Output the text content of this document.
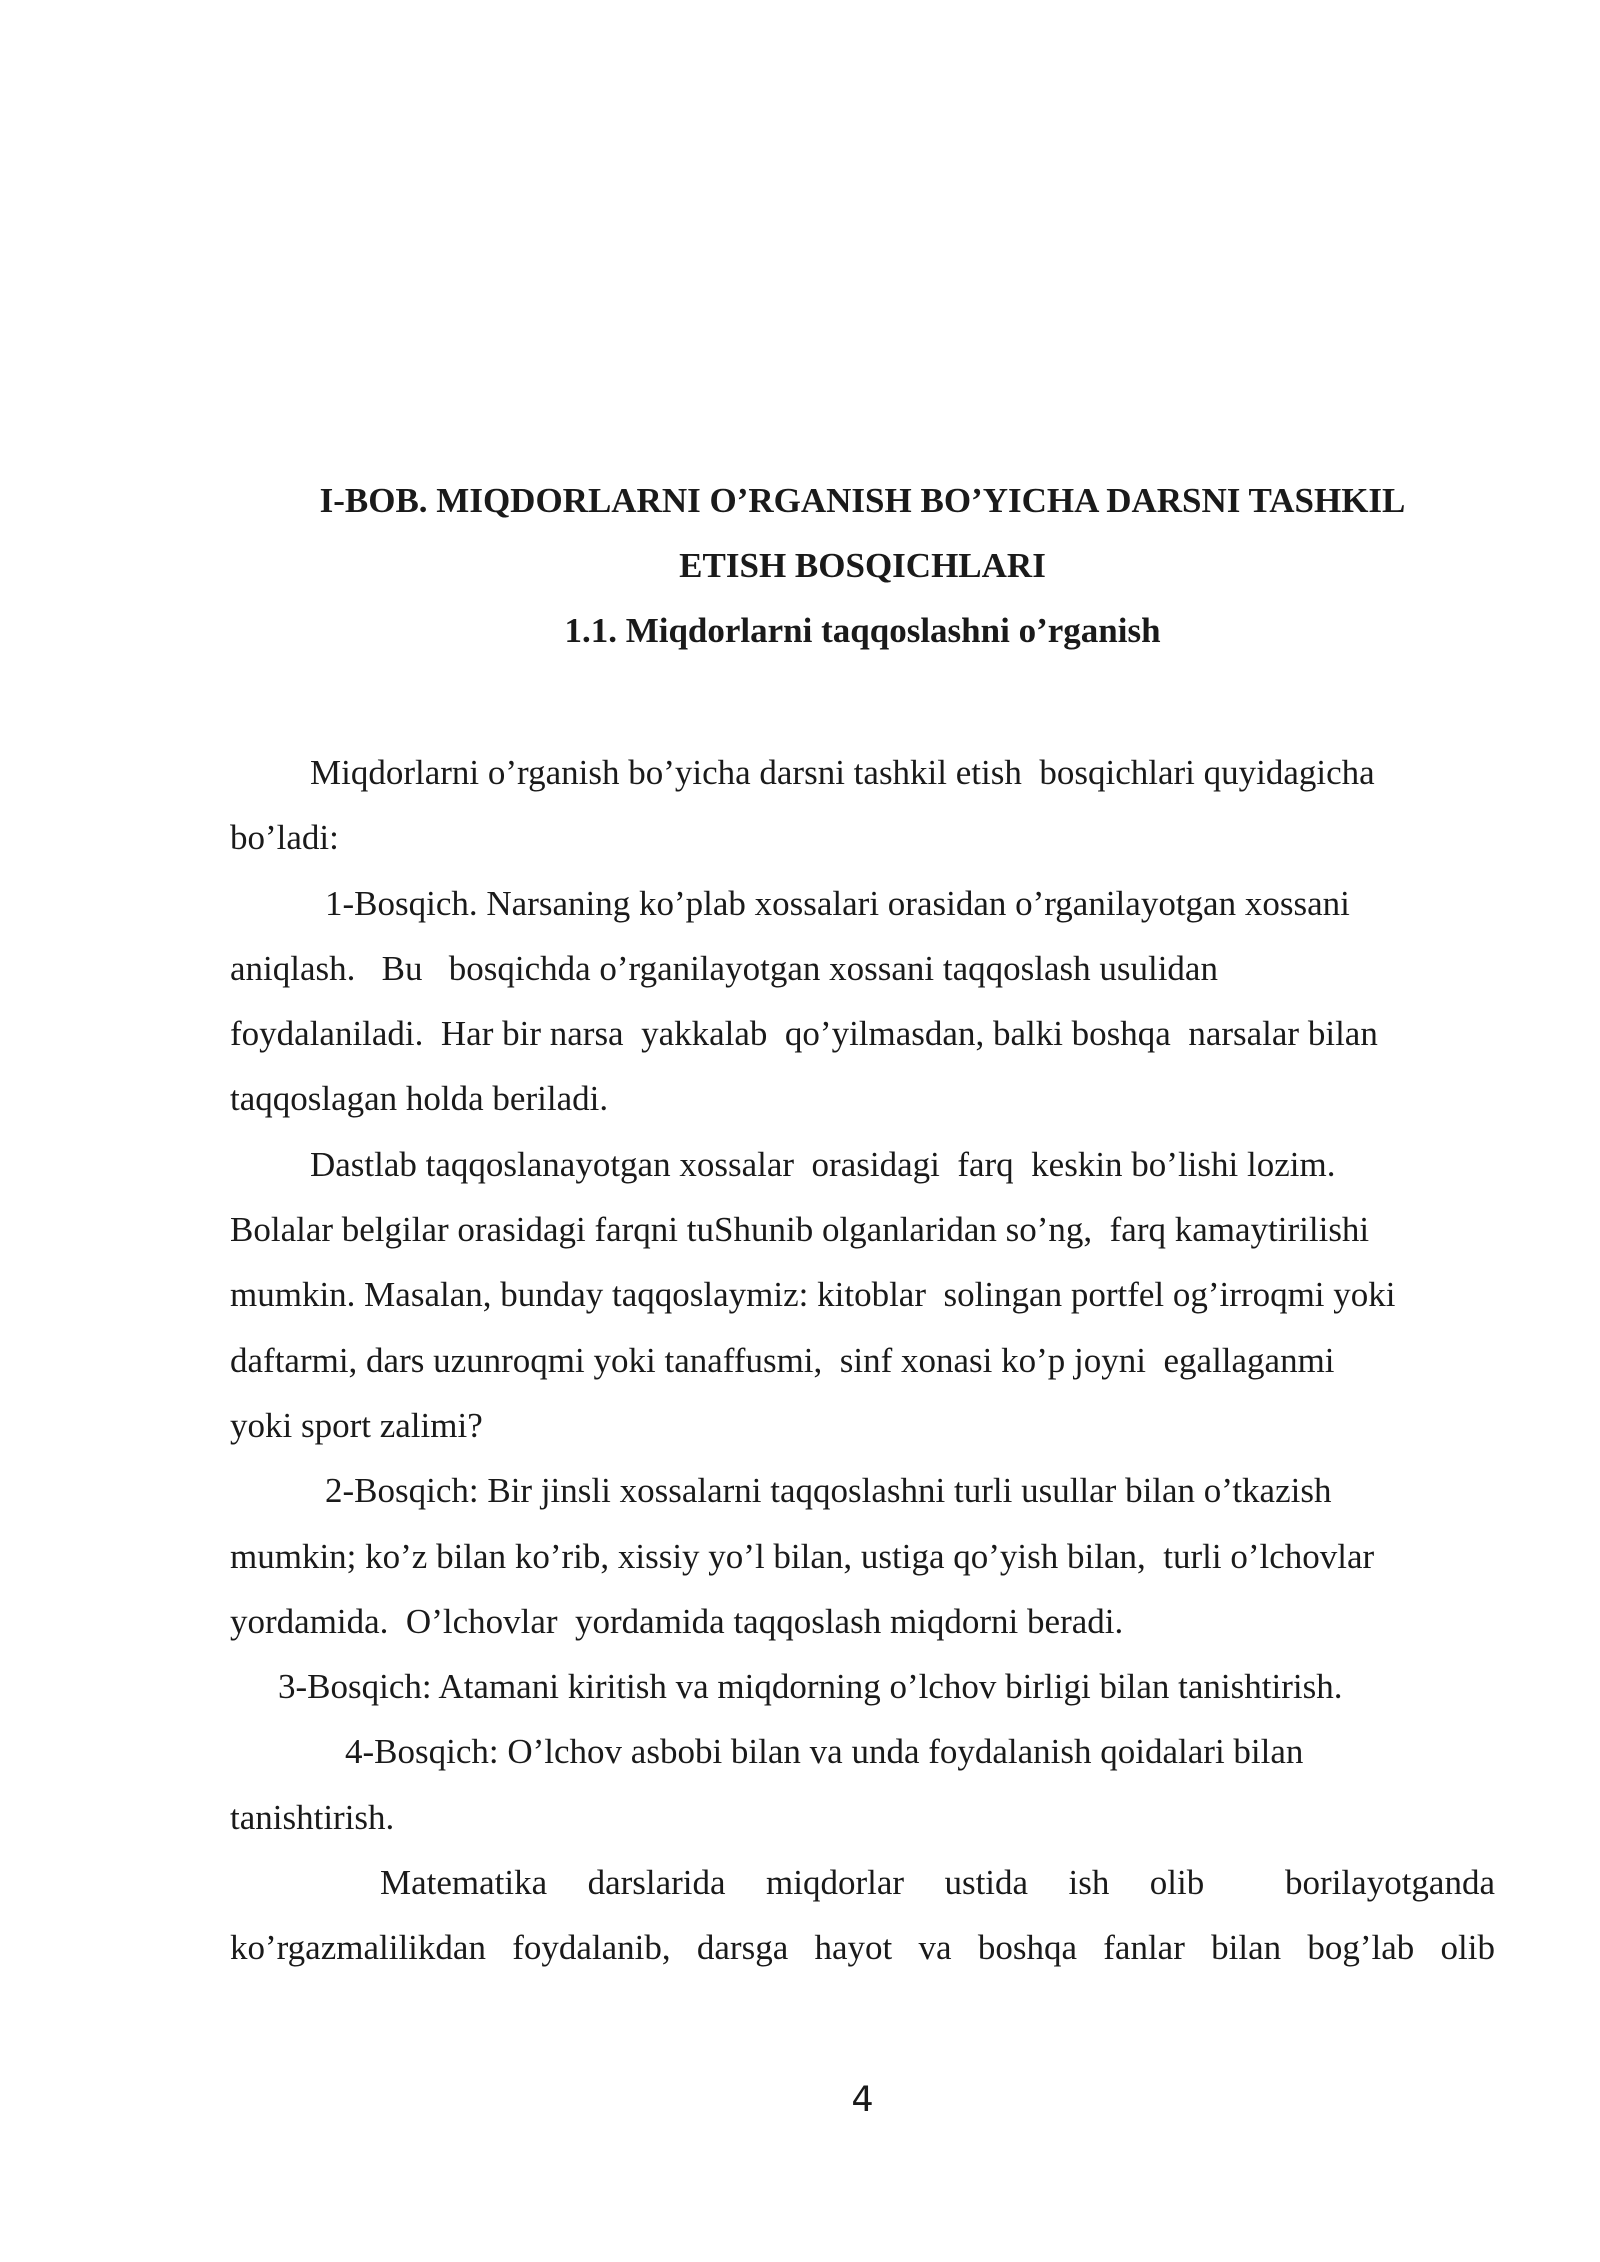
I-BOB. MIQDORLARNI O’RGANISH BO’YICHA DARSNI TASHKIL
ETISH BOSQICHLARI
1.1. Miqdorlarni taqqoslashni o’rganish

Miqdorlarni o’rganish bo’yicha darsni tashkil etish  bosqichlari quyidagicha
bo’ladi:

1-Bosqich. Narsaning ko’plab xossalari orasidan o’rganilayotgan xossani
aniqlash.   Bu   bosqichda o’rganilayotgan xossani taqqoslash usulidan
foydalaniladi.  Har bir narsa  yakkalab  qo’yilmasdan, balki boshqa  narsalar bilan
taqqoslagan holda beriladi.

Dastlab taqqoslanayotgan xossalar  orasidagi  farq  keskin bo’lishi lozim.
Bolalar belgilar orasidagi farqni tuShunib olganlaridan so’ng,  farq kamaytirilishi
mumkin. Masalan, bunday taqqoslaymiz: kitoblar  solingan portfel og’irroqmi yoki
daftarmi, dars uzunroqmi yoki tanaffusmi,  sinf xonasi ko’p joyni  egallaganmi
yoki sport zalimi?

2-Bosqich: Bir jinsli xossalarni taqqoslashni turli usullar bilan o’tkazish
mumkin; ko’z bilan ko’rib, xissiy yo’l bilan, ustiga qo’yish bilan,  turli o’lchovlar
yordamida.  O’lchovlar  yordamida taqqoslash miqdorni beradi.

3-Bosqich: Atamani kiritish va miqdorning o’lchov birligi bilan tanishtirish.

4-Bosqich: O’lchov asbobi bilan va unda foydalanish qoidalari bilan
tanishtirish.

Matematika darslarida miqdorlar ustida ish olib  borilayotganda
ko’rgazmalilikdan foydalanib, darsga hayot va boshqa fanlar bilan bog’lab olib

4
